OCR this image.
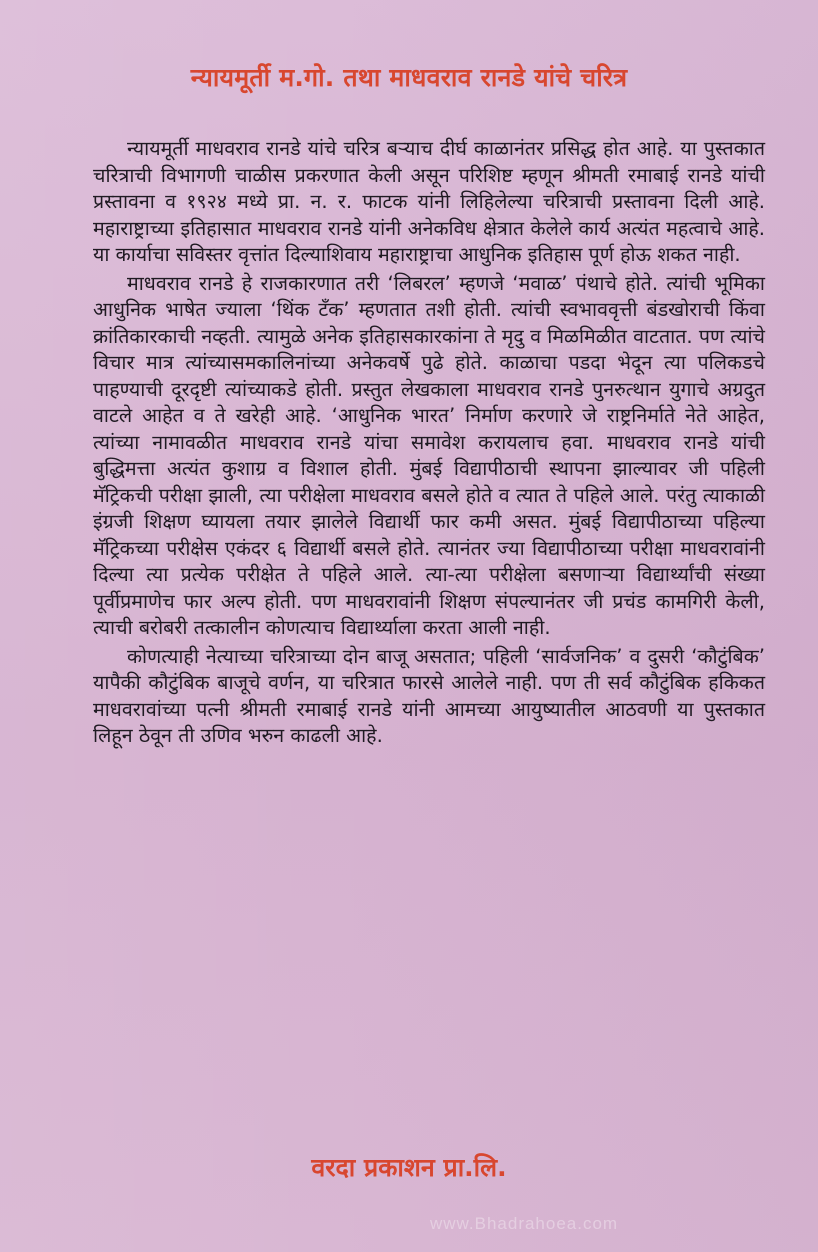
न्यायमूर्ती म.गो. तथा माधवराव रानडे यांचे चरित्र

न्यायमूर्ती माधवराव रानडे यांचे चरित्र बऱ्याच दीर्घ काळानंतर प्रसिद्ध होत आहे. या पुस्तकात चरित्राची विभागणी चाळीस प्रकरणात केली असून परिशिष्ट म्हणून श्रीमती रमाबाई रानडे यांची प्रस्तावना व १९२४ मध्ये प्रा. न. र. फाटक यांनी लिहिलेल्या चरित्राची प्रस्तावना दिली आहे. महाराष्ट्राच्या इतिहासात माधवराव रानडे यांनी अनेकविध क्षेत्रात केलेले कार्य अत्यंत महत्वाचे आहे. या कार्याचा सविस्तर वृत्तांत दिल्याशिवाय महाराष्ट्राचा आधुनिक इतिहास पूर्ण होऊ शकत नाही.

माधवराव रानडे हे राजकारणात तरी ‘लिबरल’ म्हणजे ‘मवाळ’ पंथाचे होते. त्यांची भूमिका आधुनिक भाषेत ज्याला ‘थिंक टँक’ म्हणतात तशी होती. त्यांची स्वभाववृत्ती बंडखोराची किंवा क्रांतिकारकाची नव्हती. त्यामुळे अनेक इतिहासकारकांना ते मृदु व मिळमिळीत वाटतात. पण त्यांचे विचार मात्र त्यांच्यासमकालिनांच्या अनेकवर्षे पुढे होते. काळाचा पडदा भेदून त्या पलिकडचे पाहण्याची दूरदृष्टी त्यांच्याकडे होती. प्रस्तुत लेखकाला माधवराव रानडे पुनरुत्थान युगाचे अग्रदुत वाटले आहेत व ते खरेही आहे. ‘आधुनिक भारत’ निर्माण करणारे जे राष्ट्रनिर्माते नेते आहेत, त्यांच्या नामावळीत माधवराव रानडे यांचा समावेश करायलाच हवा. माधवराव रानडे यांची बुद्धिमत्ता अत्यंत कुशाग्र व विशाल होती. मुंबई विद्यापीठाची स्थापना झाल्यावर जी पहिली मॅट्रिकची परीक्षा झाली, त्या परीक्षेला माधवराव बसले होते व त्यात ते पहिले आले. परंतु त्याकाळी इंग्रजी शिक्षण घ्यायला तयार झालेले विद्यार्थी फार कमी असत. मुंबई विद्यापीठाच्या पहिल्या मॅट्रिकच्या परीक्षेस एकंदर ६ विद्यार्थी बसले होते. त्यानंतर ज्या विद्यापीठाच्या परीक्षा माधवरावांनी दिल्या त्या प्रत्येक परीक्षेत ते पहिले आले. त्या-त्या परीक्षेला बसणाऱ्या विद्यार्थ्यांची संख्या पूर्वीप्रमाणेच फार अल्प होती. पण माधवरावांनी शिक्षण संपल्यानंतर जी प्रचंड कामगिरी केली, त्याची बरोबरी तत्कालीन कोणत्याच विद्यार्थ्याला करता आली नाही.

कोणत्याही नेत्याच्या चरित्राच्या दोन बाजू असतात; पहिली ‘सार्वजनिक’ व दुसरी ‘कौटुंबिक’ यापैकी कौटुंबिक बाजूचे वर्णन, या चरित्रात फारसे आलेले नाही. पण ती सर्व कौटुंबिक हकिकत माधवरावांच्या पत्नी श्रीमती रमाबाई रानडे यांनी आमच्या आयुष्यातील आठवणी या पुस्तकात लिहून ठेवून ती उणिव भरुन काढली आहे.

वरदा प्रकाशन प्रा.लि.
www.Bhadrahoea.com
